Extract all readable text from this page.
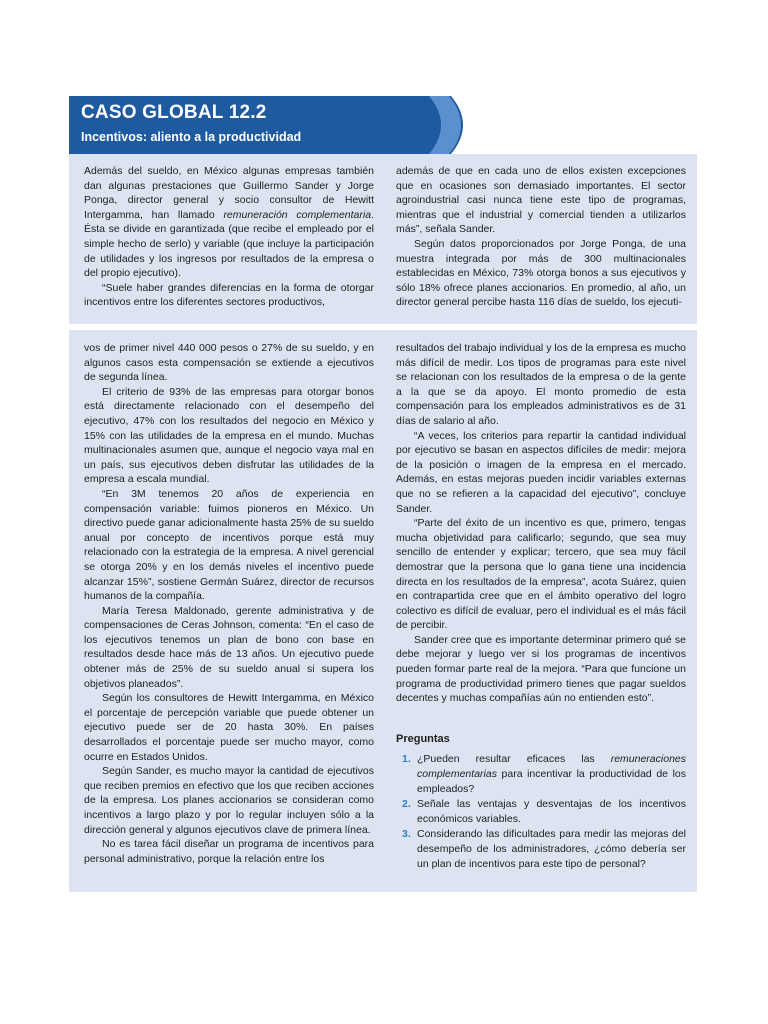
CASO GLOBAL 12.2
Incentivos: aliento a la productividad

Además del sueldo, en México algunas empresas también dan algunas prestaciones que Guillermo Sander y Jorge Ponga, director general y socio consultor de Hewitt Intergamma, han llamado remuneración complementaria. Ésta se divide en garantizada (que recibe el empleado por el simple hecho de serlo) y variable (que incluye la participación de utilidades y los ingresos por resultados de la empresa o del propio ejecutivo).

“Suele haber grandes diferencias en la forma de otorgar incentivos entre los diferentes sectores productivos,

además de que en cada uno de ellos existen excepciones que en ocasiones son demasiado importantes. El sector agroindustrial casi nunca tiene este tipo de programas, mientras que el industrial y comercial tienden a utilizarlos más”, señala Sander.

Según datos proporcionados por Jorge Ponga, de una muestra integrada por más de 300 multinacionales establecidas en México, 73% otorga bonos a sus ejecutivos y sólo 18% ofrece planes accionarios. En promedio, al año, un director general percibe hasta 116 días de sueldo, los ejecuti-

vos de primer nivel 440 000 pesos o 27% de su sueldo, y en algunos casos esta compensación se extiende a ejecutivos de segunda línea.

El criterio de 93% de las empresas para otorgar bonos está directamente relacionado con el desempeño del ejecutivo, 47% con los resultados del negocio en México y 15% con las utilidades de la empresa en el mundo. Muchas multinacionales asumen que, aunque el negocio vaya mal en un país, sus ejecutivos deben disfrutar las utilidades de la empresa a escala mundial.

“En 3M tenemos 20 años de experiencia en compensación variable: fuimos pioneros en México. Un directivo puede ganar adicionalmente hasta 25% de su sueldo anual por concepto de incentivos porque está muy relacionado con la estrategia de la empresa. A nivel gerencial se otorga 20% y en los demás niveles el incentivo puede alcanzar 15%”, sostiene Germán Suárez, director de recursos humanos de la compañía.

María Teresa Maldonado, gerente administrativa y de compensaciones de Ceras Johnson, comenta: “En el caso de los ejecutivos tenemos un plan de bono con base en resultados desde hace más de 13 años. Un ejecutivo puede obtener más de 25% de su sueldo anual si supera los objetivos planeados”.

Según los consultores de Hewitt Intergamma, en México el porcentaje de percepción variable que puede obtener un ejecutivo puede ser de 20 hasta 30%. En países desarrollados el porcentaje puede ser mucho mayor, como ocurre en Estados Unidos.

Según Sander, es mucho mayor la cantidad de ejecutivos que reciben premios en efectivo que los que reciben acciones de la empresa. Los planes accionarios se consideran como incentivos a largo plazo y por lo regular incluyen sólo a la dirección general y algunos ejecutivos clave de primera línea.

No es tarea fácil diseñar un programa de incentivos para personal administrativo, porque la relación entre los

resultados del trabajo individual y los de la empresa es mucho más difícil de medir. Los tipos de programas para este nivel se relacionan con los resultados de la empresa o de la gente a la que se da apoyo. El monto promedio de esta compensación para los empleados administrativos es de 31 días de salario al año.

“A veces, los criterios para repartir la cantidad individual por ejecutivo se basan en aspectos difíciles de medir: mejora de la posición o imagen de la empresa en el mercado. Además, en estas mejoras pueden incidir variables externas que no se refieren a la capacidad del ejecutivo”, concluye Sander.

“Parte del éxito de un incentivo es que, primero, tengas mucha objetividad para calificarlo; segundo, que sea muy sencillo de entender y explicar; tercero, que sea muy fácil demostrar que la persona que lo gana tiene una incidencia directa en los resultados de la empresa”, acota Suárez, quien en contrapartida cree que en el ámbito operativo del logro colectivo es difícil de evaluar, pero el individual es el más fácil de percibir.

Sander cree que es importante determinar primero qué se debe mejorar y luego ver si los programas de incentivos pueden formar parte real de la mejora. “Para que funcione un programa de productividad primero tienes que pagar sueldos decentes y muchas compañías aún no entienden esto”.

Preguntas

1. ¿Pueden resultar eficaces las remuneraciones complementarias para incentivar la productividad de los empleados?
2. Señale las ventajas y desventajas de los incentivos económicos variables.
3. Considerando las dificultades para medir las mejoras del desempeño de los administradores, ¿cómo debería ser un plan de incentivos para este tipo de personal?
